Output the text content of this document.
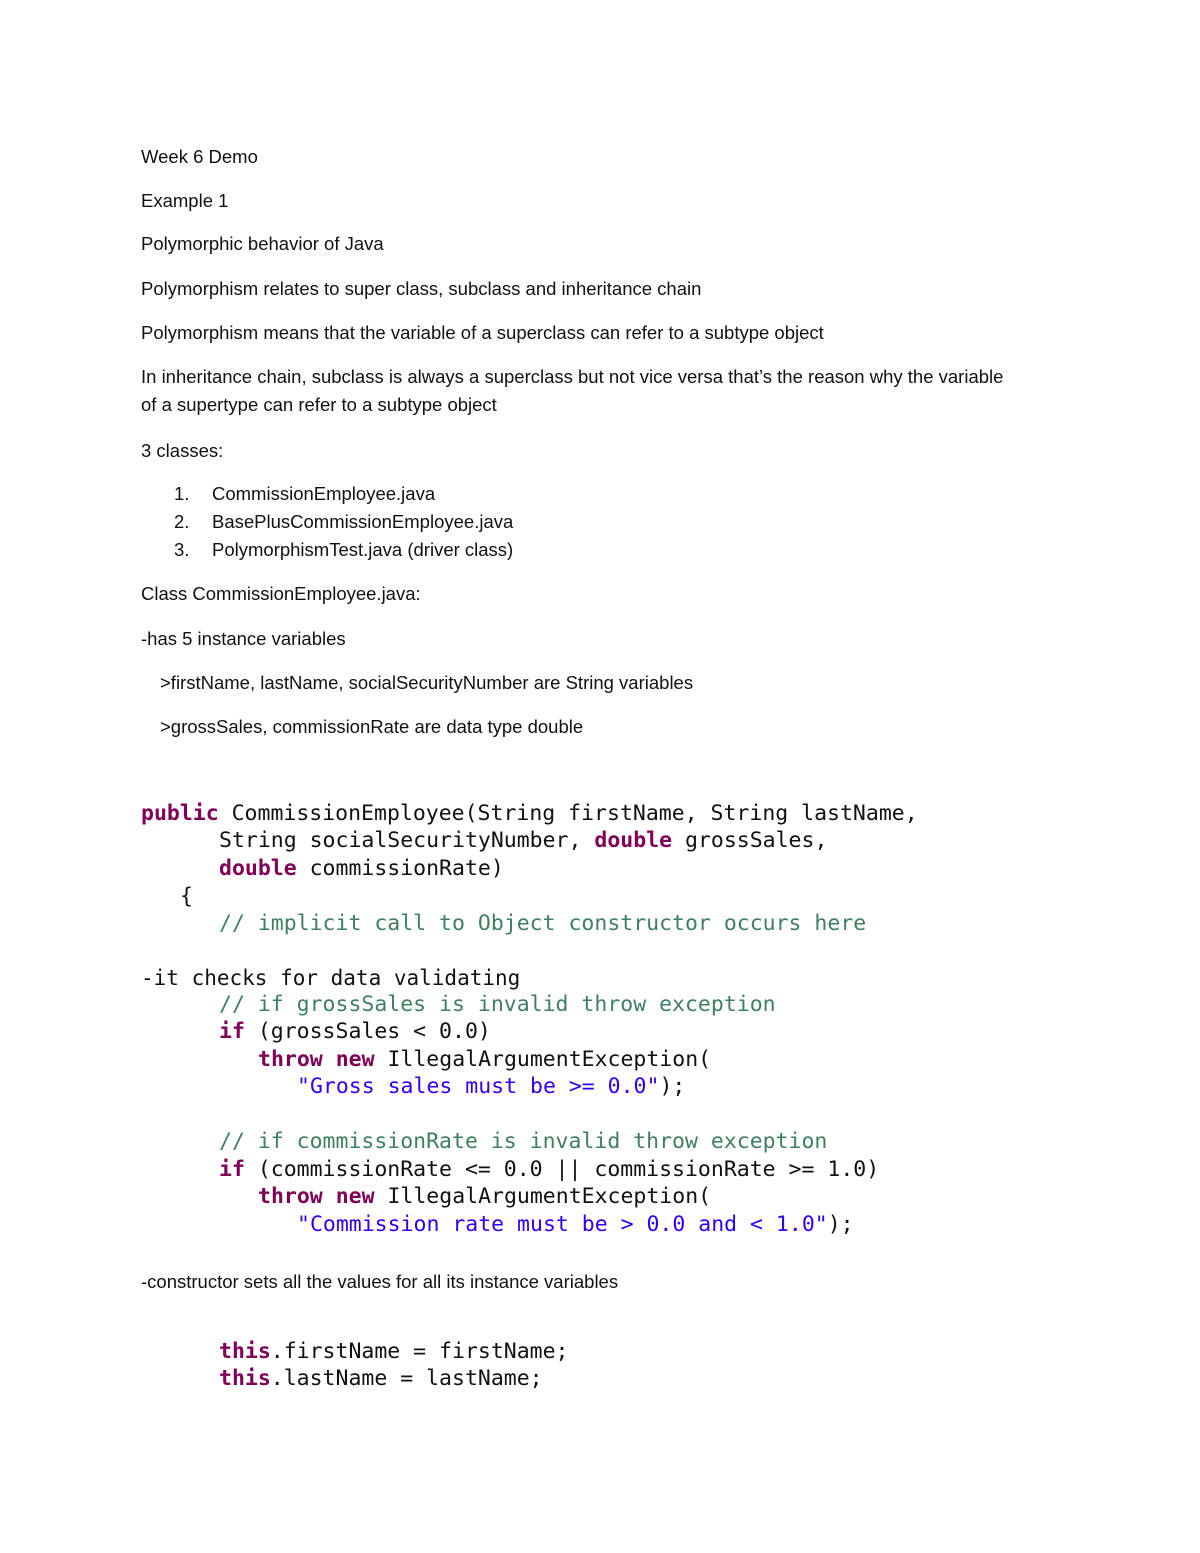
Week 6 Demo
Example 1
Polymorphic behavior of Java
Polymorphism relates to super class, subclass and inheritance chain
Polymorphism means that the variable of a superclass can refer to a subtype object
In inheritance chain, subclass is always a superclass but not vice versa that’s the reason why the variable
of a supertype can refer to a subtype object
3 classes:
1. CommissionEmployee.java
2. BasePlusCommissionEmployee.java
3. PolymorphismTest.java (driver class)
Class CommissionEmployee.java:
-has 5 instance variables
>firstName, lastName, socialSecurityNumber are String variables
>grossSales, commissionRate are data type double
public CommissionEmployee(String firstName, String lastName,
String socialSecurityNumber, double grossSales,
double commissionRate)
{
// implicit call to Object constructor occurs here
-it checks for data validating
// if grossSales is invalid throw exception
if (grossSales < 0.0)
throw new IllegalArgumentException(
"Gross sales must be >= 0.0");
// if commissionRate is invalid throw exception
if (commissionRate <= 0.0 || commissionRate >= 1.0)
throw new IllegalArgumentException(
"Commission rate must be > 0.0 and < 1.0");
-constructor sets all the values for all its instance variables
this.firstName = firstName;
this.lastName = lastName;
